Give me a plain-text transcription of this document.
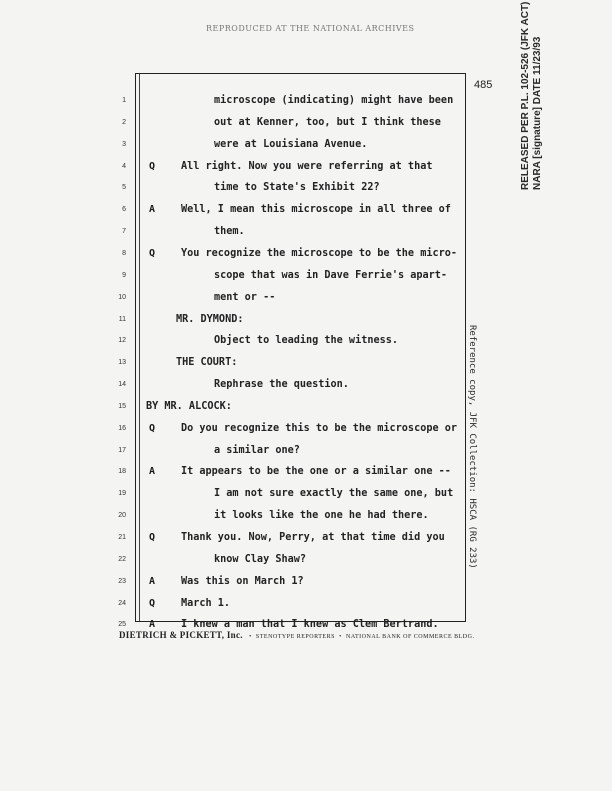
REPRODUCED AT THE NATIONAL ARCHIVES
485
1	microscope (indicating) might have been
2	out at Kenner, too, but I think these
3	were at Louisiana Avenue.
4 Q	All right. Now you were referring at that
5	time to State's Exhibit 22?
6 A	Well, I mean this microscope in all three of
7	them.
8 Q	You recognize the microscope to be the micro-
9	scope that was in Dave Ferrie's apart-
10	ment or --
11	MR. DYMOND:
12	Object to leading the witness.
13	THE COURT:
14	Rephrase the question.
15 BY MR. ALCOCK:
16 Q	Do you recognize this to be the microscope or
17	a similar one?
18 A	It appears to be the one or a similar one --
19	I am not sure exactly the same one, but
20	it looks like the one he had there.
21 Q	Thank you. Now, Perry, at that time did you
22	know Clay Shaw?
23 A	Was this on March 1?
24 Q	March 1.
25 A	I knew a man that I knew as Clem Bertrand.
DIETRICH & PICKETT, Inc.   •  STENOTYPE REPORTERS  •  NATIONAL BANK OF COMMERCE BLDG.
RELEASED PER P.L. 102-526 (JFK ACT) NARA [signature] DATE 11/23/93
Reference copy, JFK Collection: HSCA (RG 233)
